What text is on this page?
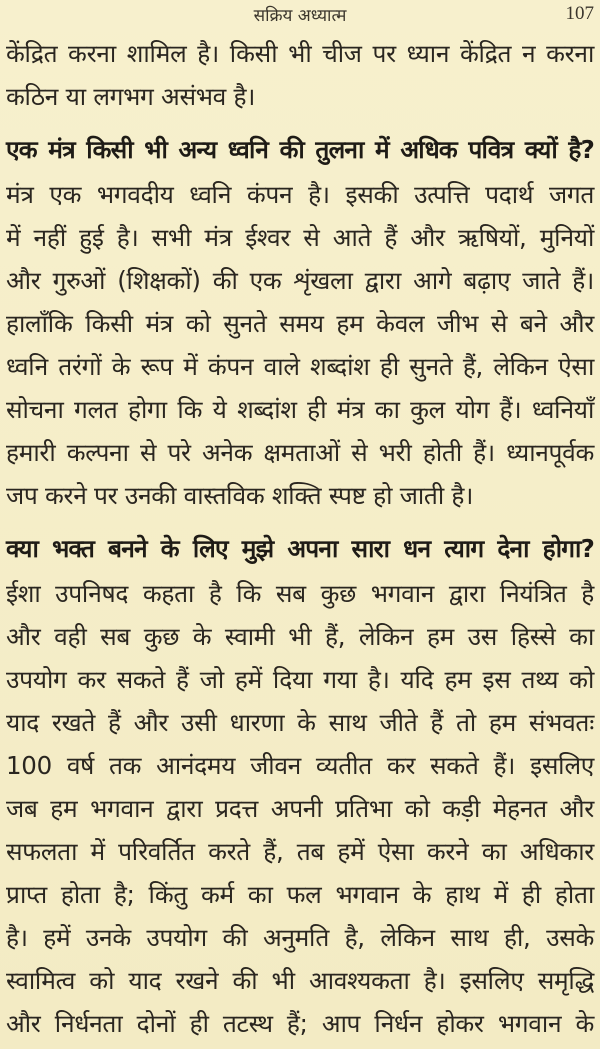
सक्रिय अध्यात्म	107
केंद्रित करना शामिल है। किसी भी चीज पर ध्यान केंद्रित न करना
कठिन या लगभग असंभव है।
एक मंत्र किसी भी अन्य ध्वनि की तुलना में अधिक पवित्र क्यों है?
मंत्र एक भगवदीय ध्वनि कंपन है। इसकी उत्पत्ति पदार्थ जगत
में नहीं हुई है। सभी मंत्र ईश्वर से आते हैं और ऋषियों, मुनियों
और गुरुओं (शिक्षकों) की एक शृंखला द्वारा आगे बढ़ाए जाते हैं।
हालाँकि किसी मंत्र को सुनते समय हम केवल जीभ से बने और
ध्वनि तरंगों के रूप में कंपन वाले शब्दांश ही सुनते हैं, लेकिन ऐसा
सोचना गलत होगा कि ये शब्दांश ही मंत्र का कुल योग हैं। ध्वनियाँ
हमारी कल्पना से परे अनेक क्षमताओं से भरी होती हैं। ध्यानपूर्वक
जप करने पर उनकी वास्तविक शक्ति स्पष्ट हो जाती है।
क्या भक्त बनने के लिए मुझे अपना सारा धन त्याग देना होगा?
ईशा उपनिषद कहता है कि सब कुछ भगवान द्वारा नियंत्रित है
और वही सब कुछ के स्वामी भी हैं, लेकिन हम उस हिस्से का
उपयोग कर सकते हैं जो हमें दिया गया है। यदि हम इस तथ्य को
याद रखते हैं और उसी धारणा के साथ जीते हैं तो हम संभवतः
100 वर्ष तक आनंदमय जीवन व्यतीत कर सकते हैं। इसलिए
जब हम भगवान द्वारा प्रदत्त अपनी प्रतिभा को कड़ी मेहनत और
सफलता में परिवर्तित करते हैं, तब हमें ऐसा करने का अधिकार
प्राप्त होता है; किंतु कर्म का फल भगवान के हाथ में ही होता
है। हमें उनके उपयोग की अनुमति है, लेकिन साथ ही, उसके
स्वामित्व को याद रखने की भी आवश्यकता है। इसलिए समृद्धि
और निर्धनता दोनों ही तटस्थ हैं; आप निर्धन होकर भगवान के
